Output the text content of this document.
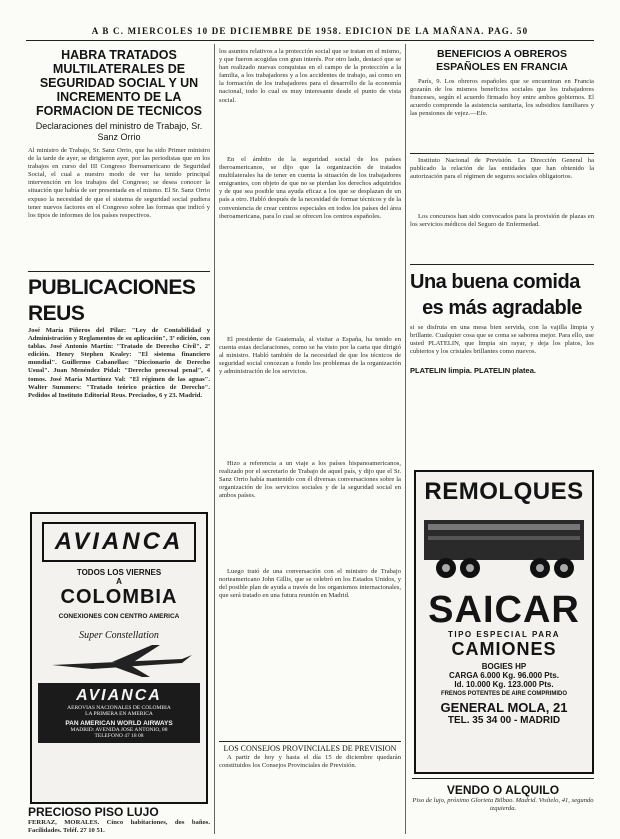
A B C. MIERCOLES 10 DE DICIEMBRE DE 1958. EDICION DE LA MAÑANA. PAG. 50

HABRA TRATADOS MULTILATERALES DE SEGURIDAD SOCIAL Y UN INCREMENTO DE LA FORMACION DE TECNICOS

Declaraciones del ministro de Trabajo, Sr. Sanz Orrio

Al ministro de Trabajo, Sr. Sanz Orrio, que ha sido Primer ministro de la tarde de ayer, se dirigieron ayer, por las periodistas que en los trabajos en curso del III Congreso Iberoamericano de Seguridad Social, el cual a nuestro modo de ver ha tenido principal intervención en los trabajos del Congreso; se desea conocer la situación que había de ser presentada en el mismo. El Sr. Sanz Orrio expuso la necesidad de que el sistema de seguridad social pudiera tener nuevos factores en el Congreso sobre las formas que indicó y los tipos de informes de los países respectivos.

PUBLICACIONES REUS

José María Piñeros del Pilar: "Ley de Contabilidad y Administración y Reglamentos de su aplicación", 3ª edición, con tablas. José Antonio Martín: "Tratado de Derecho Civil", 2ª edición. Henry Stephen Kealey: "El sistema financiero mundial". Guillermo Cabanellas: "Diccionario de Derecho Usual". Juan Menéndez Pidal: "Derecho procesal penal", 4 tomos. José María Martínez Val: "El régimen de las aguas". Walter Summers: "Tratado teórico práctico de Derecho". Pedidos al Instituto Editorial Reus. Preciados, 6 y 23. Madrid.

AVIANCA
TODOS LOS VIERNES
A
COLOMBIA
CONEXIONES CON CENTRO AMERICA
Super Constellation
AVIANCA
AEROVIAS NACIONALES DE COLOMBIA
LA PRIMERA EN AMERICA
PAN AMERICAN WORLD AIRWAYS
MADRID: AVENIDA JOSE ANTONIO, 88
TELEFONO 47 18 08

PRECIOSO PISO LUJO

FERRAZ, MORALES. Cinco habitaciones, dos baños. Facilidades. Teléf. 27 10 51.

los asuntos relativos a la protección social que se tratan en el mismo, y que fueron acogidas con gran interés. Por otro lado, destacó que se han realizado nuevas conquistas en el campo de la protección a la familia, a los trabajadores y a los accidentes de trabajo, así como en la formación de los trabajadores para el desarrollo de la economía nacional, todo lo cual es muy interesante desde el punto de vista social.

En el ámbito de la seguridad social de los países iberoamericanos, se dijo que la organización de tratados multilaterales ha de tener en cuenta la situación de los trabajadores emigrantes, con objeto de que no se pierdan los derechos adquiridos y de que sea posible una ayuda eficaz a los que se desplazan de un país a otro. Habló después de la necesidad de formar técnicos y de la conveniencia de crear centros especiales en todos los países del área iberoamericana, para lo cual se ofrecen los centros españoles.

El presidente de Guatemala, al visitar a España, ha tenido en cuenta estas declaraciones, como se ha visto por la carta que dirigió al ministro. Habló también de la necesidad de que los técnicos de seguridad social conozcan a fondo los problemas de la organización y administración de los servicios.

Hizo a referencia a un viaje a los países hispanoamericanos, realizado por el secretario de Trabajo de aquel país, y dijo que el Sr. Sanz Orrio había mantenido con él diversas conversaciones sobre la organización de los servicios sociales y de la seguridad social en ambos países.

Luego trató de una conversación con el ministro de Trabajo norteamericano John Gillis, que se celebró en los Estados Unidos, y del posible plan de ayuda a través de los organismos internacionales, que será tratado en una futura reunión en Madrid.

LOS CONSEJOS PROVINCIALES DE PREVISION

A partir de hoy y hasta el día 15 de diciembre quedarán constituidos los Consejos Provinciales de Previsión.

BENEFICIOS A OBREROS ESPAÑOLES EN FRANCIA

París, 9. Los obreros españoles que se encuentran en Francia gozarán de los mismos beneficios sociales que los trabajadores franceses, según el acuerdo firmado hoy entre ambos gobiernos. El acuerdo comprende la asistencia sanitaria, los subsidios familiares y las pensiones de vejez.—Efe.

Instituto Nacional de Previsión. La Dirección General ha publicado la relación de las entidades que han obtenido la autorización para el régimen de seguros sociales obligatorios.

Los concursos han sido convocados para la provisión de plazas en los servicios médicos del Seguro de Enfermedad.

Una buena comida

es más agradable

si se disfruta en una mesa bien servida, con la vajilla limpia y brillante. Cualquier cosa que se coma se saborea mejor. Para ello, use usted PLATELIN, que limpia sin rayar, y deja los platos, los cubiertos y los cristales brillantes como nuevos.

PLATELIN limpia. PLATELIN platea.

REMOLQUES
SAICAR
TIPO ESPECIAL PARA
CAMIONES
BOGIES HP
CARGA 6.000 Kg. 96.000 Pts.
Id. 10.000 Kg. 123.000 Pts.
FRENOS POTENTES DE AIRE COMPRIMIDO
GENERAL MOLA, 21
TEL. 35 34 00 - MADRID

VENDO O ALQUILO

Piso de lujo, próximo Glorieta Bilbao. Madrid. Visítelo, 41, segundo izquierda.
